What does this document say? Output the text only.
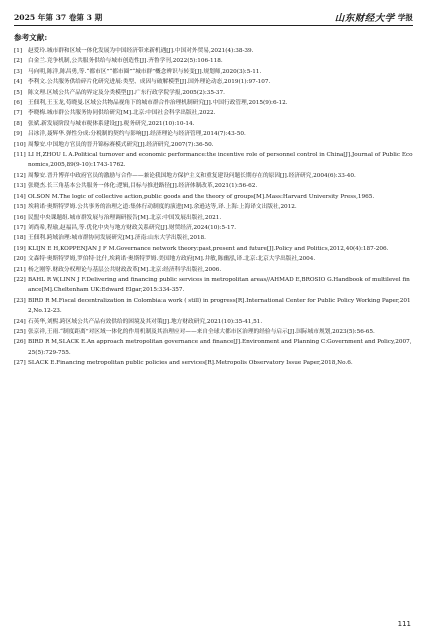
2025 年第 37 卷第 3 期	山东财经大学 学报
参考文献:
[1]	赵爱玲.城市群和区域一体化发展为中国经济带来新机遇[J].中国对外贸易,2021(4):38-39.
[2]	白金兰.竞争机制,公共服务供给与城市创造性[J].齐鲁学刊,2022(5):106-118.
[3]	马向明,陈洋,陈昌勇,等.“都市区”“都市圈”“城市群”概念辨识与转变[J].规划师,2020(3):5-11.
[4]	李利文.公共服务供给碎片化研究进展:类型、成因与破解模型[J].国外理论动态,2019(1):97-107.
[5]	陈文理.区域公共产品的界定及分类模型[J].广东行政学院学报,2005(2):35-37.
[6]	王佃利,王玉龙,苟晓曼.区域公共物品视角下的城市群合作治理机制研究[J].中国行政管理,2015(9):6-12.
[7]	李晓梅.城市群公共服务协同供给研究[M].北京:中国社会科学出版社,2022.
[8]	张斌.新发展阶段与城市税体系建设[J].税务研究,2021(10):10-14.
[9]	吕冰洋,聂辉华.弹性分成:分税制的契约与影响[J].经济理论与经济管理,2014(7):43-50.
[10] 周黎安.中国地方官员的晋升锦标赛模式研究[J].经济研究,2007(7):36-50.
[11] LI H,ZHOU L A.Political turnover and economic performance:the incentive role of personnel control in China[J].Journal of Public Economics,2005,89(9-10):1743-1762.
[12] 周黎安.晋升博弈中政府官员的激励与合作——兼论我国地方保护主义和重复建设问题长期存在的原因[J].经济研究,2004(6):33-40.
[13] 张晓杰.长三角基本公共服务一体化:逻辑,目标与推进路径[J].经济体制改革,2021(1):56-62.
[14] OLSON M.The logic of collective action,public goods and the theory of groups[M].Mass:Harvard University Press,1965.
[15] 埃莉诺·奥斯特罗姆.公共事务的治理之道:集体行动制度的演进[M].余逊达等,译.上海:上海译文出版社,2012.
[16] 民盟中央课题组.城市群发展与治理调研报告[M].北京:中国发展出版社,2021.
[17] 刘尚希,程瑜,赵福昌,等.优化中央与地方财政关系研究[J].财贸经济,2024(10):5-17.
[18] 王佃利.跨域治理:城市群协同发展研究[M].济南:山东大学出版社,2018.
[19] KLIJN E H,KOPPENJAN J F M.Governance network theory:past,present and future[J].Policy and Politics,2012,40(4):187-206.
[20] 文森特·奥斯特罗姆,罗伯特·比什,埃莉诺·奥斯特罗姆.美国地方政府[M].井敏,陈幽泓,译.北京:北京大学出版社,2004.
[21] 杨之刚等.财政分权理论与基层公共财政改革[M].北京:经济科学出版社,2006.
[22] BAHL R W,LINN J F.Delivering and financing public services in metropolitan areas//AHMAD E,BROSIO G.Handbook of multilevel finance[M].Cheltenham UK:Edward Elgar,2015:334-357.
[23] BIRD R M.Fiscal decentralization in Colombia:a work ( still) in progress[R].International Center for Public Policy Working Paper,2012,No.12-23.
[24] 石英华,刘熙.跨区域公共产品有效供给的困境及其对策[J].地方财政研究,2021(10):35-41,51.
[25] 张京祥,王雨.“制度距离”对区域一体化的作用机制及其治理应对——来自全球大都市区治理的经验与启示[J].国际城市规划,2023(5):56-65.
[26] BIRD R M,SLACK E.An approach metropolitan governance and finance[J].Environment and Planning C:Government and Policy,2007,25(5):729-755.
[27] SLACK E.Financing metropolitan public policies and services[R].Metropolis Observatory Issue Paper,2018,No.6.
111
